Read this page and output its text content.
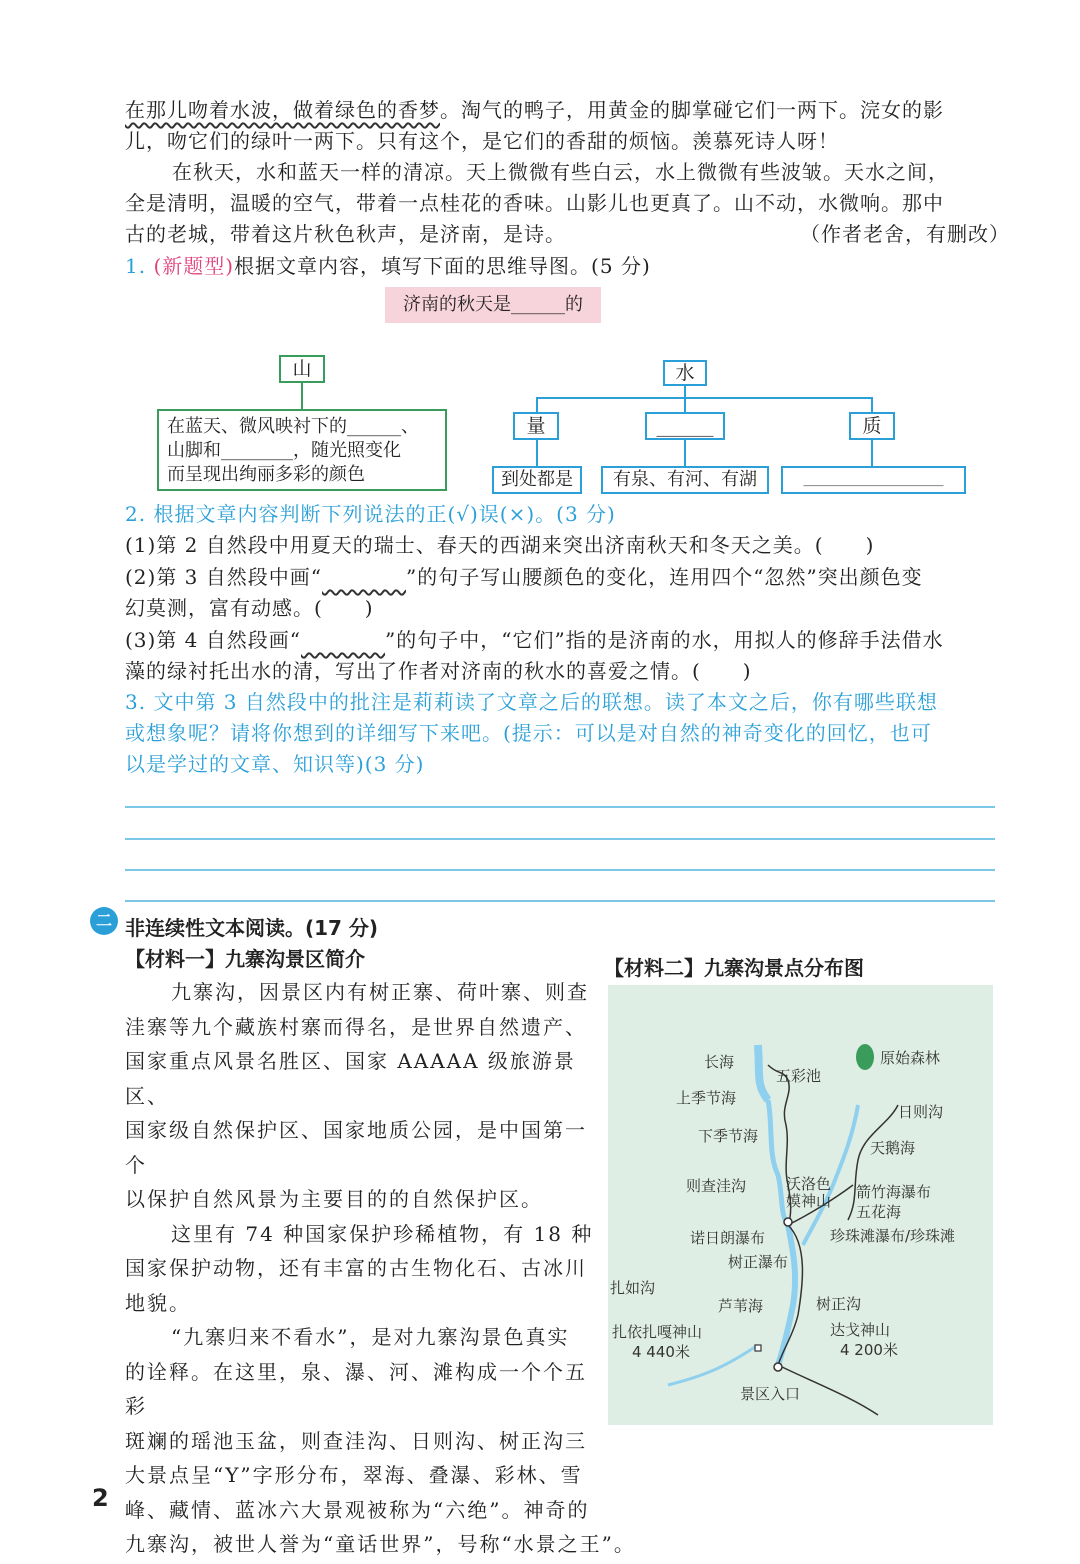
在那儿吻着水波，做着绿色的香梦。淘气的鸭子，用黄金的脚掌碰它们一两下。浣女的影
儿，吻它们的绿叶一两下。只有这个，是它们的香甜的烦恼。羡慕死诗人呀！
在秋天，水和蓝天一样的清凉。天上微微有些白云，水上微微有些波皱。天水之间，
全是清明，温暖的空气，带着一点桂花的香味。山影儿也更真了。山不动，水微响。那中
古的老城，带着这片秋色秋声，是济南，是诗。	（作者老舍，有删改）
1. (新题型)根据文章内容，填写下面的思维导图。(5 分)
济南的秋天是______的
山
在蓝天、微风映衬下的______、
山脚和________，随光照变化
而呈现出绚丽多彩的颜色
水
量	______	质
到处都是	有泉、有河、有湖	____________________
2. 根据文章内容判断下列说法的正(√)误(×)。(3 分)
(1)第 2 自然段中用夏天的瑞士、春天的西湖来突出济南秋天和冬天之美。(　　)
(2)第 3 自然段中画“　　　　	”的句子写山腰颜色的变化，连用四个“忽然”突出颜色变
幻莫测，富有动感。(　　)
(3)第 4 自然段画“　　　　	”的句子中，“它们”指的是济南的水，用拟人的修辞手法借水
藻的绿衬托出水的清，写出了作者对济南的秋水的喜爱之情。(　　)
3. 文中第 3 自然段中的批注是莉莉读了文章之后的联想。读了本文之后，你有哪些联想
或想象呢？请将你想到的详细写下来吧。(提示：可以是对自然的神奇变化的回忆，也可
以是学过的文章、知识等)(3 分)
二 非连续性文本阅读。(17 分)
【材料一】九寨沟景区简介	【材料二】九寨沟景点分布图
九寨沟，因景区内有树正寨、荷叶寨、则查
洼寨等九个藏族村寨而得名，是世界自然遗产、
国家重点风景名胜区、国家 AAAAA 级旅游景区、
国家级自然保护区、国家地质公园，是中国第一个
以保护自然风景为主要目的的自然保护区。
这里有 74 种国家保护珍稀植物，有 18 种
国家保护动物，还有丰富的古生物化石、古冰川
地貌。
“九寨归来不看水”，是对九寨沟景色真实
的诠释。在这里，泉、瀑、河、滩构成一个个五彩
斑斓的瑶池玉盆，则查洼沟、日则沟、树正沟三
大景点呈“Y”字形分布，翠海、叠瀑、彩林、雪
峰、藏情、蓝冰六大景观被称为“六绝”。神奇的
九寨沟，被世人誉为“童话世界”，号称“水景之王”。
长海
五彩池
原始森林
上季节海
日则沟
下季节海
天鹅海
则查洼沟	沃洛色
嫫神山 箭竹海瀑布
五花海
珍珠滩瀑布/珍珠滩
诺日朗瀑布
树正瀑布
扎如沟
芦苇海	树正沟
扎依扎嘎神山
4 440米
达戈神山
4 200米
景区入口
2
